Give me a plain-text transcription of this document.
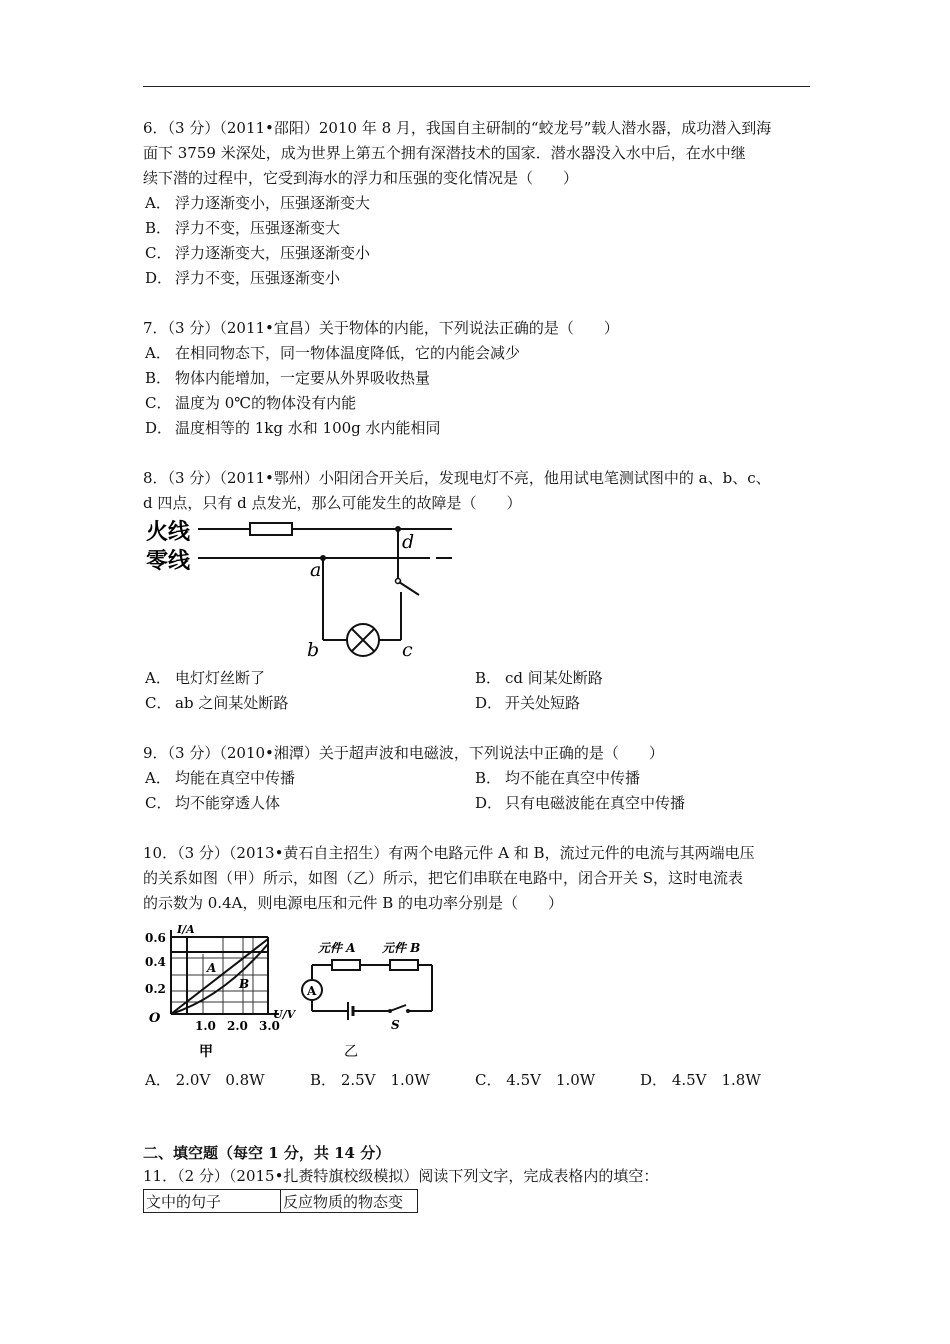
6．（3 分）（2011•邵阳）2010 年 8 月，我国自主研制的“蛟龙号”载人潜水器，成功潜入到海
面下 3759 米深处，成为世界上第五个拥有深潜技术的国家．潜水器没入水中后，在水中继
续下潜的过程中，它受到海水的浮力和压强的变化情况是（　　）
A． 浮力逐渐变小，压强逐渐变大
B． 浮力不变，压强逐渐变大
C． 浮力逐渐变大，压强逐渐变小
D． 浮力不变，压强逐渐变小
7．（3 分）（2011•宜昌）关于物体的内能，下列说法正确的是（　　）
A． 在相同物态下，同一物体温度降低，它的内能会减少
B． 物体内能增加，一定要从外界吸收热量
C． 温度为 0℃的物体没有内能
D． 温度相等的 1kg 水和 100g 水内能相同
8．（3 分）（2011•鄂州）小阳闭合开关后，发现电灯不亮，他用试电笔测试图中的 a、b、c、
d 四点，只有 d 点发光，那么可能发生的故障是（　　）
火线
零线	a
d
b	c
A． 电灯灯丝断了	B． cd 间某处断路
C． ab 之间某处断路	D． 开关处短路
9．（3 分）（2010•湘潭）关于超声波和电磁波，下列说法中正确的是（　　）
A． 均能在真空中传播	B． 均不能在真空中传播
C． 均不能穿透人体	D． 只有电磁波能在真空中传播
10．（3 分）（2013•黄石自主招生）有两个电路元件 A 和 B，流过元件的电流与其两端电压
的关系如图（甲）所示，如图（乙）所示，把它们串联在电路中，闭合开关 S，这时电流表
的示数为 0.4A，则电源电压和元件 B 的电功率分别是（　　）
I/A
U/V
0.6
0.4
0.2
O	1.0 2.0 3.0
A
B
甲
元件 A 元件 B
A
S
乙
A． 2.0V　0.8W	B． 2.5V　1.0W	C． 4.5V　1.0W	D． 4.5V　1.8W
二、填空题（每空 1 分，共 14 分）
11．（2 分）（2015•扎赉特旗校级模拟）阅读下列文字，完成表格内的填空：
文中的句子	反应物质的物态变
